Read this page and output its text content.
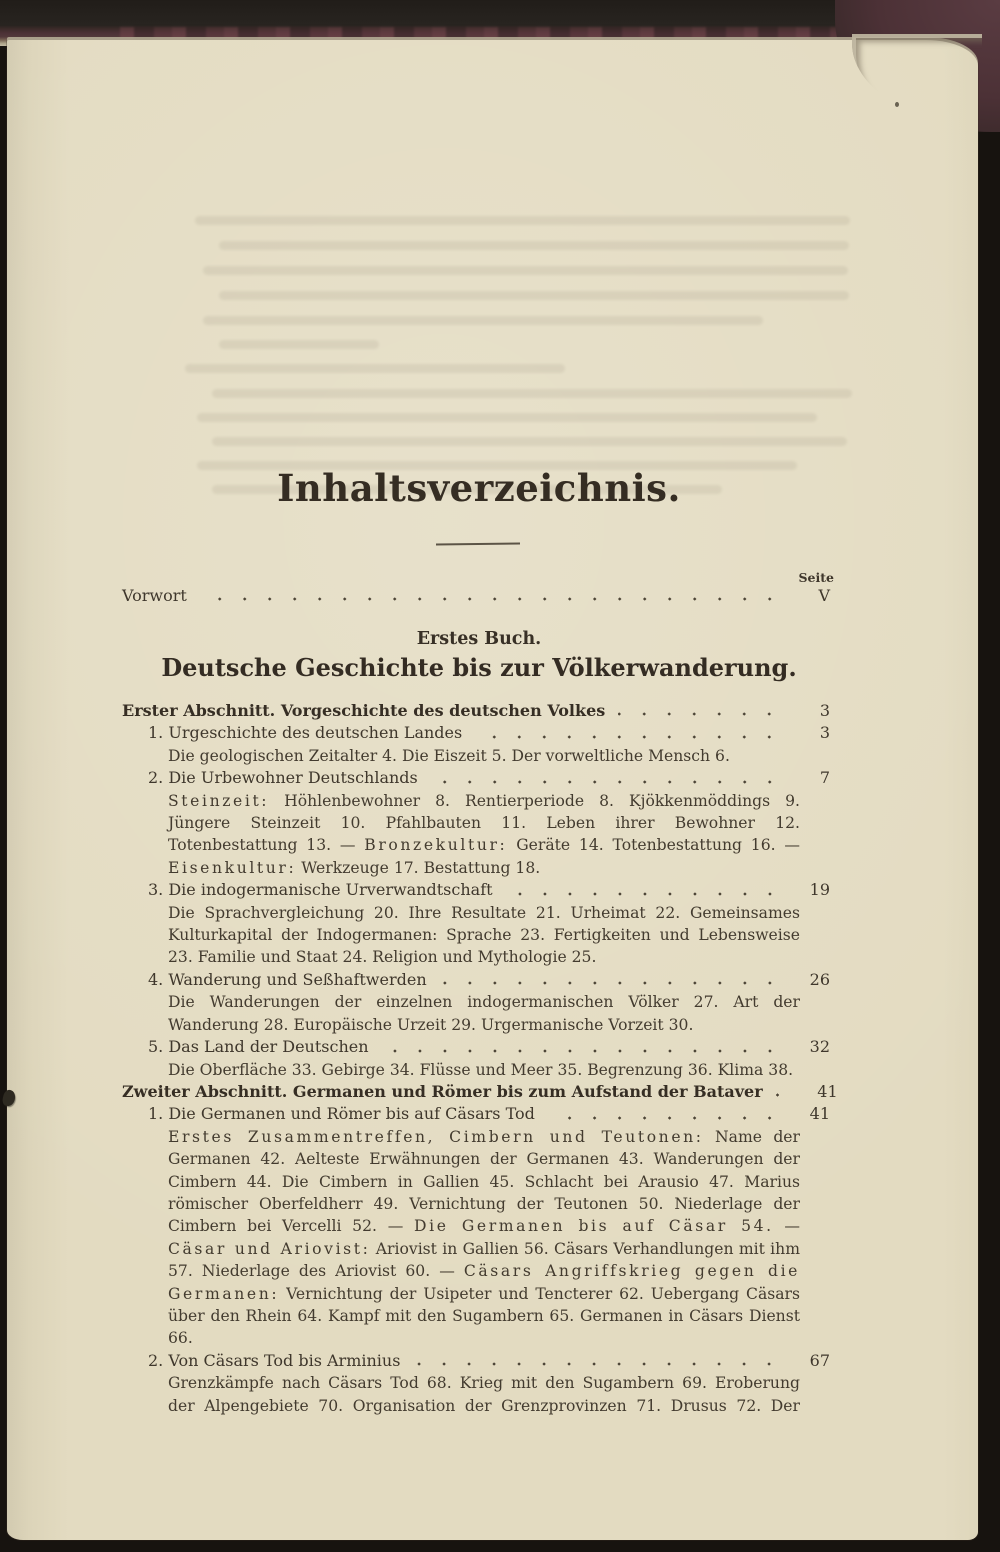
Inhaltsverzeichnis.
Seite
Vorwort	V
Erstes Buch.
Deutsche Geschichte bis zur Völkerwanderung.
Erster Abschnitt. Vorgeschichte des deutschen Volkes	3
1. Urgeschichte des deutschen Landes	3
Die geologischen Zeitalter 4. Die Eiszeit 5. Der vorweltliche Mensch 6.
2. Die Urbewohner Deutschlands	7
Steinzeit: Höhlenbewohner 8. Rentierperiode 8. Kjökkenmöddings 9. Jüngere Steinzeit 10. Pfahlbauten 11. Leben ihrer Bewohner 12. Totenbestattung 13. — Bronzekultur: Geräte 14. Totenbestattung 16. — Eisenkultur: Werkzeuge 17. Bestattung 18.
3. Die indogermanische Urverwandtschaft	19
Die Sprachvergleichung 20. Ihre Resultate 21. Urheimat 22. Gemeinsames Kulturkapital der Indogermanen: Sprache 23. Fertigkeiten und Lebensweise 23. Familie und Staat 24. Religion und Mythologie 25.
4. Wanderung und Seßhaftwerden	26
Die Wanderungen der einzelnen indogermanischen Völker 27. Art der Wanderung 28. Europäische Urzeit 29. Urgermanische Vorzeit 30.
5. Das Land der Deutschen	32
Die Oberfläche 33. Gebirge 34. Flüsse und Meer 35. Begrenzung 36. Klima 38.
Zweiter Abschnitt. Germanen und Römer bis zum Aufstand der Bataver	41
1. Die Germanen und Römer bis auf Cäsars Tod	41
Erstes Zusammentreffen, Cimbern und Teutonen: Name der Germanen 42. Aelteste Erwähnungen der Germanen 43. Wanderungen der Cimbern 44. Die Cimbern in Gallien 45. Schlacht bei Arausio 47. Marius römischer Oberfeldherr 49. Vernichtung der Teutonen 50. Niederlage der Cimbern bei Vercelli 52. — Die Germanen bis auf Cäsar 54. — Cäsar und Ariovist: Ariovist in Gallien 56. Cäsars Verhandlungen mit ihm 57. Niederlage des Ariovist 60. — Cäsars Angriffskrieg gegen die Germanen: Vernichtung der Usipeter und Tencterer 62. Uebergang Cäsars über den Rhein 64. Kampf mit den Sugambern 65. Germanen in Cäsars Dienst 66.
2. Von Cäsars Tod bis Arminius	67
Grenzkämpfe nach Cäsars Tod 68. Krieg mit den Sugambern 69. Eroberung der Alpengebiete 70. Organisation der Grenzprovinzen 71. Drusus 72. Der
